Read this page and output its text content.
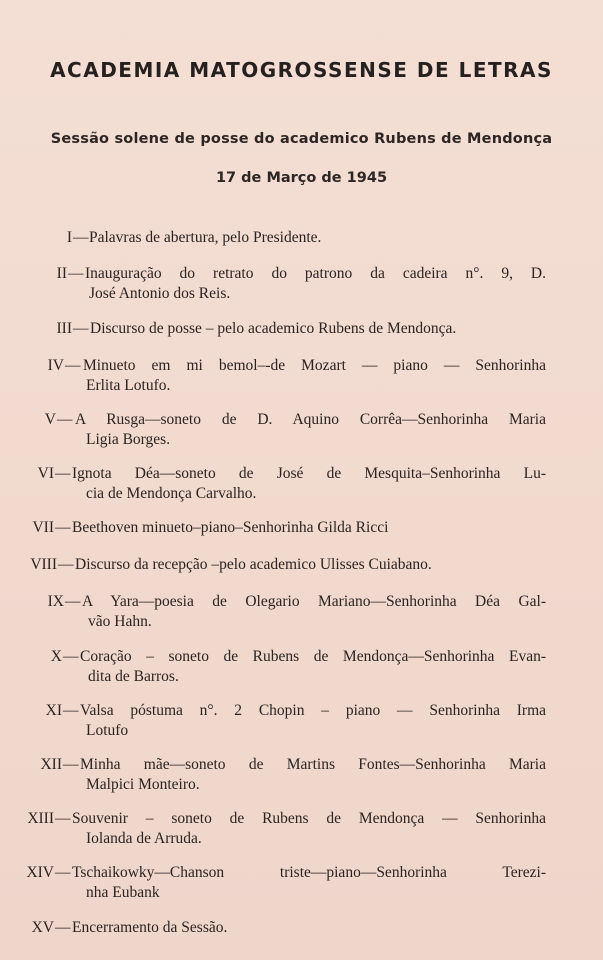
ACADEMIA MATOGROSSENSE DE LETRAS
Sessão solene de posse do academico Rubens de Mendonça
17 de Março de 1945
I — Palavras de abertura, pelo Presidente.
II — Inauguração do retrato do patrono da cadeira n°. 9, D.
José Antonio dos Reis.
III — Discurso de posse – pelo academico Rubens de Mendonça.
IV — Minueto em mi bemol–-de Mozart — piano — Senhorinha
Erlita Lotufo.
V — A Rusga—soneto de D. Aquino Corrêa—Senhorinha Maria
Ligia Borges.
VI — Ignota Déa—soneto de José de Mesquita–Senhorinha Lu-
cia de Mendonça Carvalho.
VII — Beethoven minueto–piano–Senhorinha Gilda Ricci
VIII — Discurso da recepção –pelo academico Ulisses Cuiabano.
IX — A Yara—poesia de Olegario Mariano—Senhorinha Déa Gal-
vão Hahn.
X — Coração – soneto de Rubens de Mendonça—Senhorinha Evan-
dita de Barros.
XI — Valsa póstuma n°. 2 Chopin – piano — Senhorinha Irma
Lotufo
XII — Minha mãe—soneto de Martins Fontes—Senhorinha Maria
Malpici Monteiro.
XIII — Souvenir – soneto de Rubens de Mendonça — Senhorinha
Iolanda de Arruda.
XIV — Tschaikowky—Chanson triste—piano—Senhorinha Terezi-
nha Eubank
XV — Encerramento da Sessão.
